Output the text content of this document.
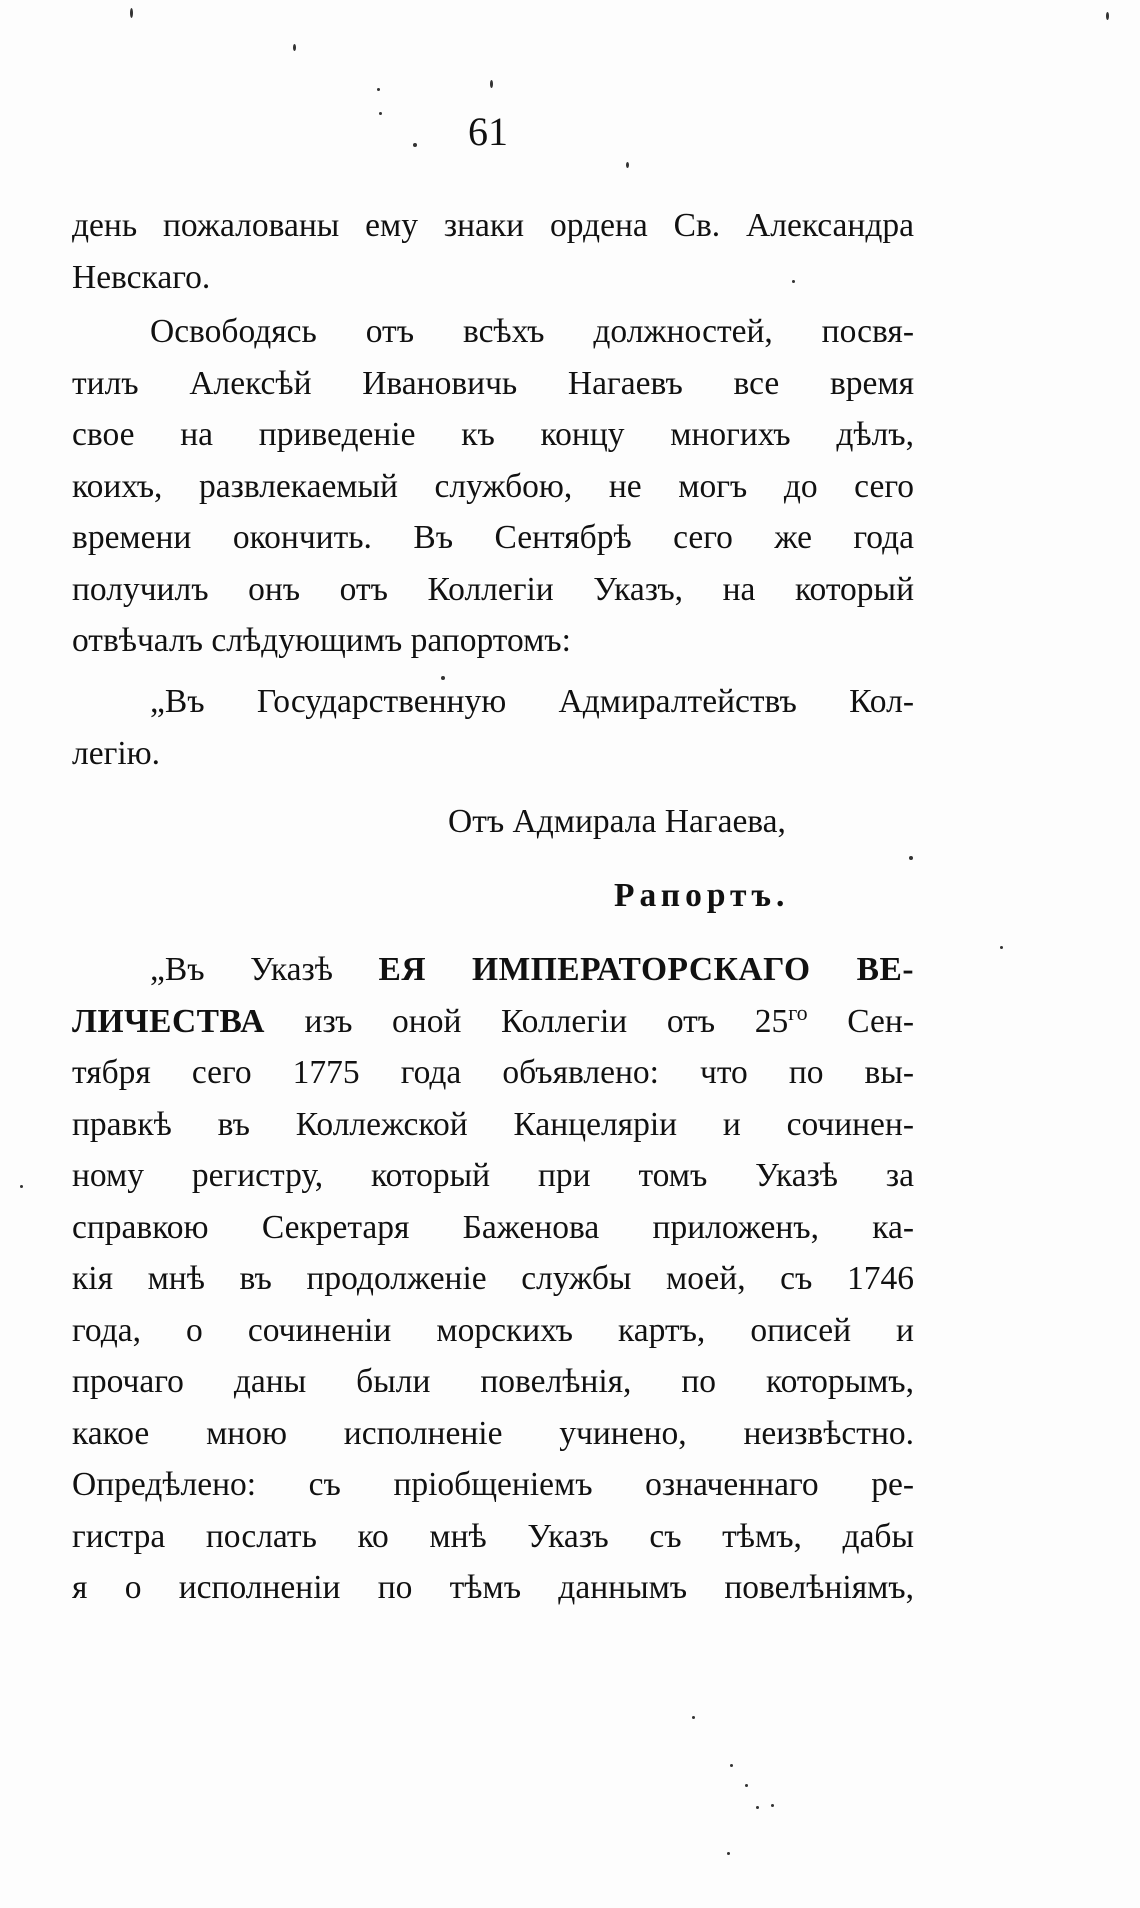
61
день пожалованы ему знаки ордена Св. Александра
Невскаго.
Освободясь отъ всѣхъ должностей, посвя-
тилъ Алексѣй Ивановичь Нагаевъ все время
свое на приведеніе къ концу многихъ дѣлъ,
коихъ, развлекаемый службою, не могъ до сего
времени окончить. Въ Сентябрѣ сего же года
получилъ онъ отъ Коллегіи Указъ, на который
отвѣчалъ слѣдующимъ рапортомъ:
„Въ Государственную Адмиралтействъ Кол-
легію.
Отъ Адмирала Нагаева,
Рапортъ.
„Въ Указѣ ЕЯ ИМПЕРАТОРСКАГО ВЕ-
ЛИЧЕСТВА изъ оной Коллегіи отъ $25^{го}$ Сен-
тября сего 1775 года объявлено: что по вы-
правкѣ въ Коллежской Канцеляріи и сочинен-
ному регистру, который при томъ Указѣ за
справкою Секретаря Баженова приложенъ, ка-
кія мнѣ въ продолженіе службы моей, съ 1746
года, о сочиненіи морскихъ картъ, описей и
прочаго даны были повелѣнія, по которымъ,
какое мною исполненіе учинено, неизвѣстно.
Опредѣлено: съ пріобщеніемъ означеннаго ре-
гистра послать ко мнѣ Указъ съ тѣмъ, дабы
я о исполненіи по тѣмъ даннымъ повелѣніямъ,
